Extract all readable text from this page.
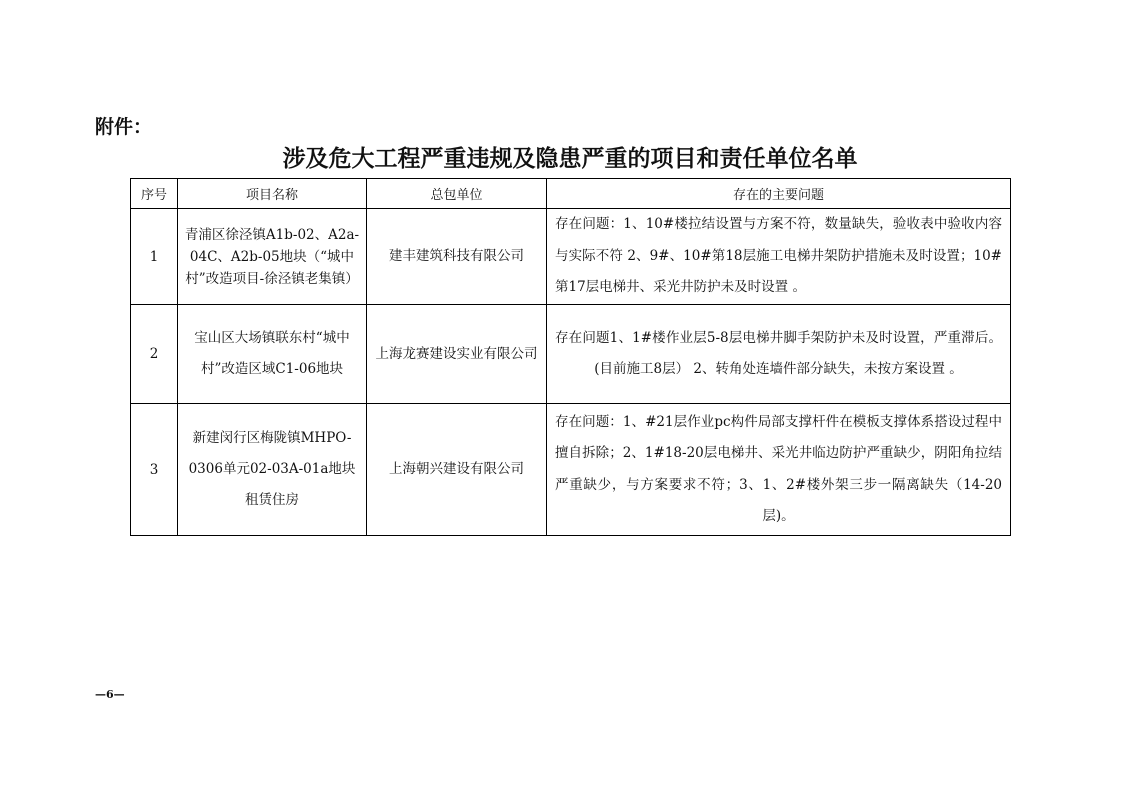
附件：
涉及危大工程严重违规及隐患严重的项目和责任单位名单
序号	项目名称	总包单位	存在的主要问题
1	青浦区徐泾镇A1b-02、A2a-04C、A2b-05地块（“城中村”改造项目-徐泾镇老集镇）	建丰建筑科技有限公司	存在问题：1、10#楼拉结设置与方案不符，数量缺失，验收表中验收内容与实际不符 2、9#、10#第18层施工电梯井架防护措施未及时设置；10#第17层电梯井、采光井防护未及时设置 。
2	宝山区大场镇联东村“城中村”改造区域C1-06地块	上海龙赛建设实业有限公司	存在问题1、1#楼作业层5-8层电梯井脚手架防护未及时设置，严重滞后。(目前施工8层） 2、转角处连墙件部分缺失，未按方案设置 。
3	新建闵行区梅陇镇MHPO-0306单元02-03A-01a地块租赁住房	上海朝兴建设有限公司	存在问题：1、#21层作业pc构件局部支撑杆件在模板支撑体系搭设过程中擅自拆除；2、1#18-20层电梯井、采光井临边防护严重缺少，阴阳角拉结严重缺少，与方案要求不符；3、1、2#楼外架三步一隔离缺失（14-20层)。
—6—
